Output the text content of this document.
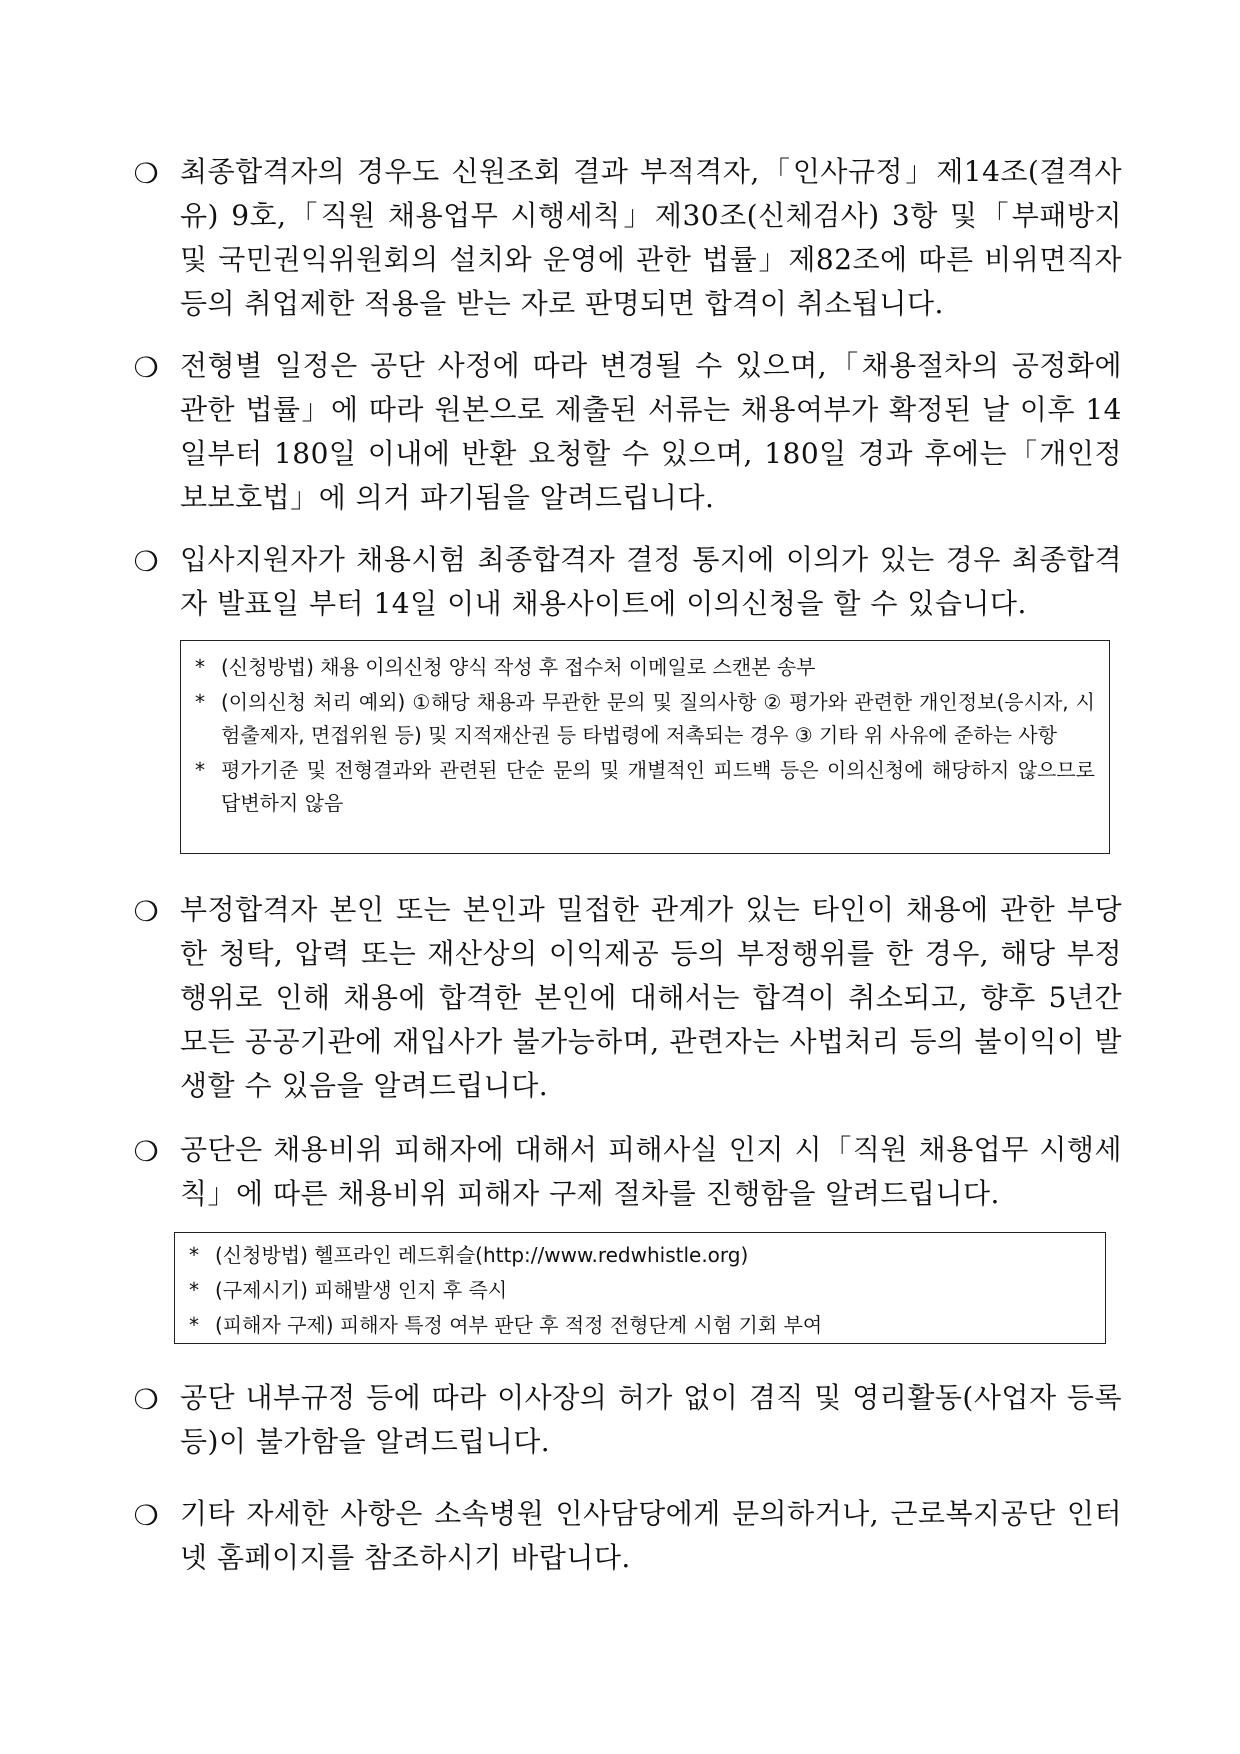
❍ 최종합격자의 경우도 신원조회 결과 부적격자,「인사규정」제14조(결격사유) 9호,「직원 채용업무 시행세칙」제30조(신체검사) 3항 및「부패방지 및 국민권익위원회의 설치와 운영에 관한 법률」제82조에 따른 비위면직자 등의 취업제한 적용을 받는 자로 판명되면 합격이 취소됩니다.
❍ 전형별 일정은 공단 사정에 따라 변경될 수 있으며,「채용절차의 공정화에 관한 법률」에 따라 원본으로 제출된 서류는 채용여부가 확정된 날 이후 14일부터 180일 이내에 반환 요청할 수 있으며, 180일 경과 후에는「개인정보보호법」에 의거 파기됨을 알려드립니다.
❍ 입사지원자가 채용시험 최종합격자 결정 통지에 이의가 있는 경우 최종합격자 발표일 부터 14일 이내 채용사이트에 이의신청을 할 수 있습니다.
* (신청방법) 채용 이의신청 양식 작성 후 접수처 이메일로 스캔본 송부
* (이의신청 처리 예외) ①해당 채용과 무관한 문의 및 질의사항 ② 평가와 관련한 개인정보(응시자, 시험출제자, 면접위원 등) 및 지적재산권 등 타법령에 저촉되는 경우 ③ 기타 위 사유에 준하는 사항
* 평가기준 및 전형결과와 관련된 단순 문의 및 개별적인 피드백 등은 이의신청에 해당하지 않으므로 답변하지 않음
❍ 부정합격자 본인 또는 본인과 밀접한 관계가 있는 타인이 채용에 관한 부당한 청탁, 압력 또는 재산상의 이익제공 등의 부정행위를 한 경우, 해당 부정행위로 인해 채용에 합격한 본인에 대해서는 합격이 취소되고, 향후 5년간 모든 공공기관에 재입사가 불가능하며, 관련자는 사법처리 등의 불이익이 발생할 수 있음을 알려드립니다.
❍ 공단은 채용비위 피해자에 대해서 피해사실 인지 시「직원 채용업무 시행세칙」에 따른 채용비위 피해자 구제 절차를 진행함을 알려드립니다.
* (신청방법) 헬프라인 레드휘슬(http://www.redwhistle.org)
* (구제시기) 피해발생 인지 후 즉시
* (피해자 구제) 피해자 특정 여부 판단 후 적정 전형단계 시험 기회 부여
❍ 공단 내부규정 등에 따라 이사장의 허가 없이 겸직 및 영리활동(사업자 등록 등)이 불가함을 알려드립니다.
❍ 기타 자세한 사항은 소속병원 인사담당에게 문의하거나, 근로복지공단 인터넷 홈페이지를 참조하시기 바랍니다.
